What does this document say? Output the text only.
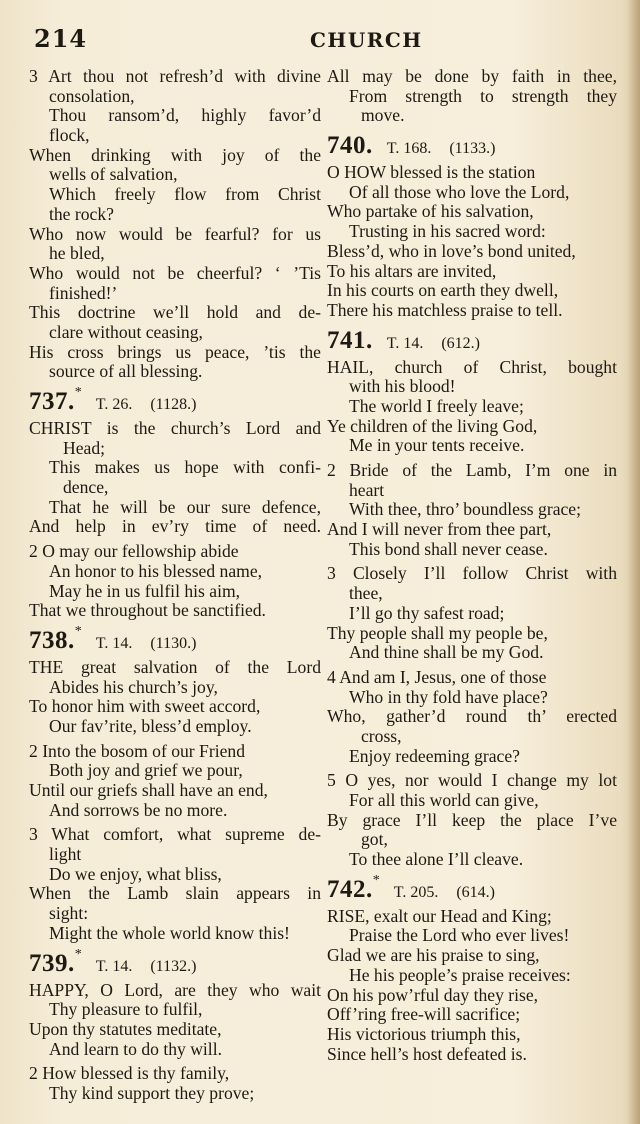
214	CHURCH
3 Art thou not refresh’d with divine
consolation,
Thou ransom’d, highly favor’d
flock,
When drinking with joy of the
wells of salvation,
Which freely flow from Christ
the rock?
Who now would be fearful? for us
he bled,
Who would not be cheerful? ‘ ’Tis
finished!’
This doctrine we’ll hold and de-
clare without ceasing,
His cross brings us peace, ’tis the
source of all blessing.
737.*T. 26. (1128.)
CHRIST is the church’s Lord and
Head;
This makes us hope with confi-
dence,
That he will be our sure defence,
And help in ev’ry time of need.
2 O may our fellowship abide
An honor to his blessed name,
May he in us fulfil his aim,
That we throughout be sanctified.
738.*T. 14. (1130.)
THE great salvation of the Lord
Abides his church’s joy,
To honor him with sweet accord,
Our fav’rite, bless’d employ.
2 Into the bosom of our Friend
Both joy and grief we pour,
Until our griefs shall have an end,
And sorrows be no more.
3 What comfort, what supreme de-
light
Do we enjoy, what bliss,
When the Lamb slain appears in
sight:
Might the whole world know this!
739.*T. 14. (1132.)
HAPPY, O Lord, are they who wait
Thy pleasure to fulfil,
Upon thy statutes meditate,
And learn to do thy will.
2 How blessed is thy family,
Thy kind support they prove;
All may be done by faith in thee,
From strength to strength they
move.
740. T. 168. (1133.)
O HOW blessed is the station
Of all those who love the Lord,
Who partake of his salvation,
Trusting in his sacred word:
Bless’d, who in love’s bond united,
To his altars are invited,
In his courts on earth they dwell,
There his matchless praise to tell.
741. T. 14. (612.)
HAIL, church of Christ, bought
with his blood!
The world I freely leave;
Ye children of the living God,
Me in your tents receive.
2 Bride of the Lamb, I’m one in
heart
With thee, thro’ boundless grace;
And I will never from thee part,
This bond shall never cease.
3 Closely I’ll follow Christ with
thee,
I’ll go thy safest road;
Thy people shall my people be,
And thine shall be my God.
4 And am I, Jesus, one of those
Who in thy fold have place?
Who, gather’d round th’ erected
cross,
Enjoy redeeming grace?
5 O yes, nor would I change my lot
For all this world can give,
By grace I’ll keep the place I’ve
got,
To thee alone I’ll cleave.
742.*T. 205. (614.)
RISE, exalt our Head and King;
Praise the Lord who ever lives!
Glad we are his praise to sing,
He his people’s praise receives:
On his pow’rful day they rise,
Off’ring free-will sacrifice;
His victorious triumph this,
Since hell’s host defeated is.
